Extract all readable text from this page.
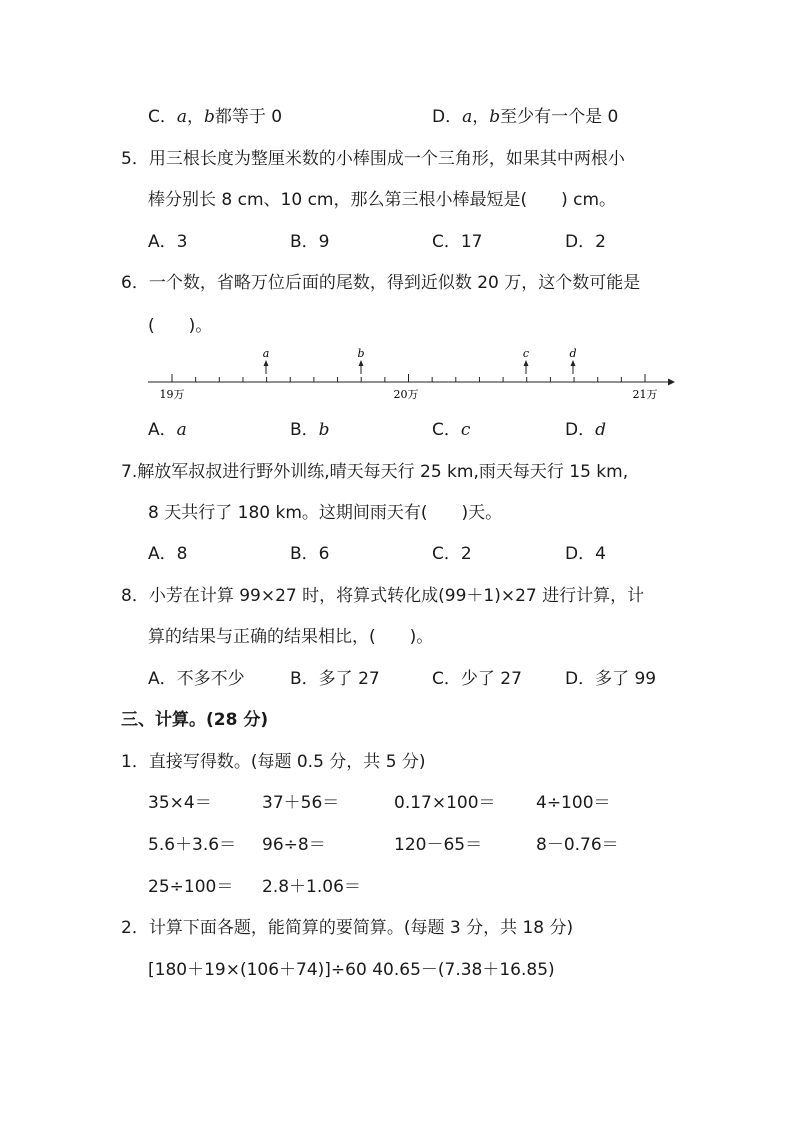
C．a，b都等于 0	D．a，b至少有一个是 0
5．用三根长度为整厘米数的小棒围成一个三角形，如果其中两根小
棒分别长 8 cm、10 cm，那么第三根小棒最短是(　　) cm。
A．3	B．9	C．17	D．2
6．一个数，省略万位后面的尾数，得到近似数 20 万，这个数可能是
(　　)。
19万	20万	21万
a	b	c	d
A．a	B．b	C．c	D．d
7.解放军叔叔进行野外训练,晴天每天行 25 km,雨天每天行 15 km,
8 天共行了 180 km。这期间雨天有(　　)天。
A．8	B．6	C．2	D．4
8．小芳在计算 99×27 时，将算式转化成(99＋1)×27 进行计算，计
算的结果与正确的结果相比，(　　)。
A．不多不少	B．多了 27	C．少了 27	D．多了 99
三、计算。(28 分)
1．直接写得数。(每题 0.5 分，共 5 分)
35×4＝	37＋56＝	0.17×100＝ 4÷100＝
5.6＋3.6＝ 96÷8＝	120－65＝	8－0.76＝
25÷100＝ 2.8＋1.06＝
2．计算下面各题，能简算的要简算。(每题 3 分，共 18 分)
[180＋19×(106＋74)]÷60 40.65－(7.38＋16.85)
